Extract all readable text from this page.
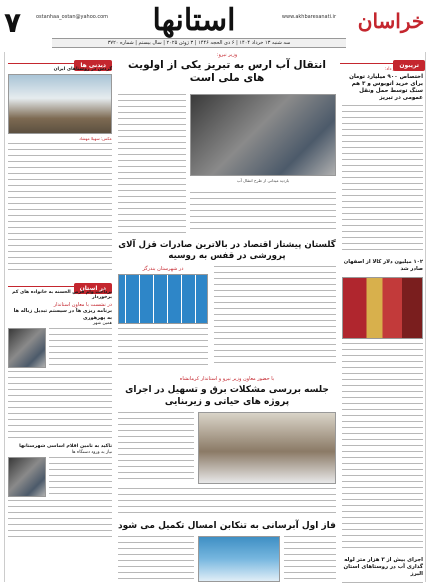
۷	ostanhaa_ostan@yahoo.com استانها	www.akhbaresanati.ir خراسان
سه شنبه ۱۳ خرداد ۱۴۰۴ | ۶ ذی الحجه ۱۴۴۶ | ۳ ژوئن ۲۰۲۵ | سال بیستم | شماره ۳۷۲۰
تریبون
شهردار تبریز خبر داد:
اختصاص ۹۰۰ میلیارد تومان برای خرید اتوبوس و ۳ هم سنگ توسط حمل ونقل عمومی در تبریز
۱۰۲ میلیون دلار کالا از اصفهان صادر شد
اجرای بیش از ۳ هزار متر لوله گذاری آب در روستاهای استان البرز
وزیر نیرو:
انتقال آب ارس به تبریز یکی از اولویت های ملی است
بازدید میدانی از طرح انتقال آب
گلستان پیشتاز اقتصاد در بالاترین صادرات قزل آلای پرورشی در قفس به روسیه
در شهرستان بندرگز
با حضور معاون وزیر نیرو و استاندار کرمانشاه
جلسه بررسی مشکلات برق و تسهیل در اجرای پروژه های حیاتی و زیربنایی
فاز اول آبرسانی به تنکابن امسال تکمیل می شود
دیدنی ها
گردش در روستاهای ایران
عکس: سهیلا مهشاد
در استان
پرداخت وام قرض الحسنه به خانواده های کم برخوردار
در نشست با معاون استاندار
برنامه ریزی ها در سیستم تبدیل زباله ها به پهرهوری
همین شهر
تاکید به تامین اقلام اساسی شهرستانها
نیاز به ورود دستگاه ها
